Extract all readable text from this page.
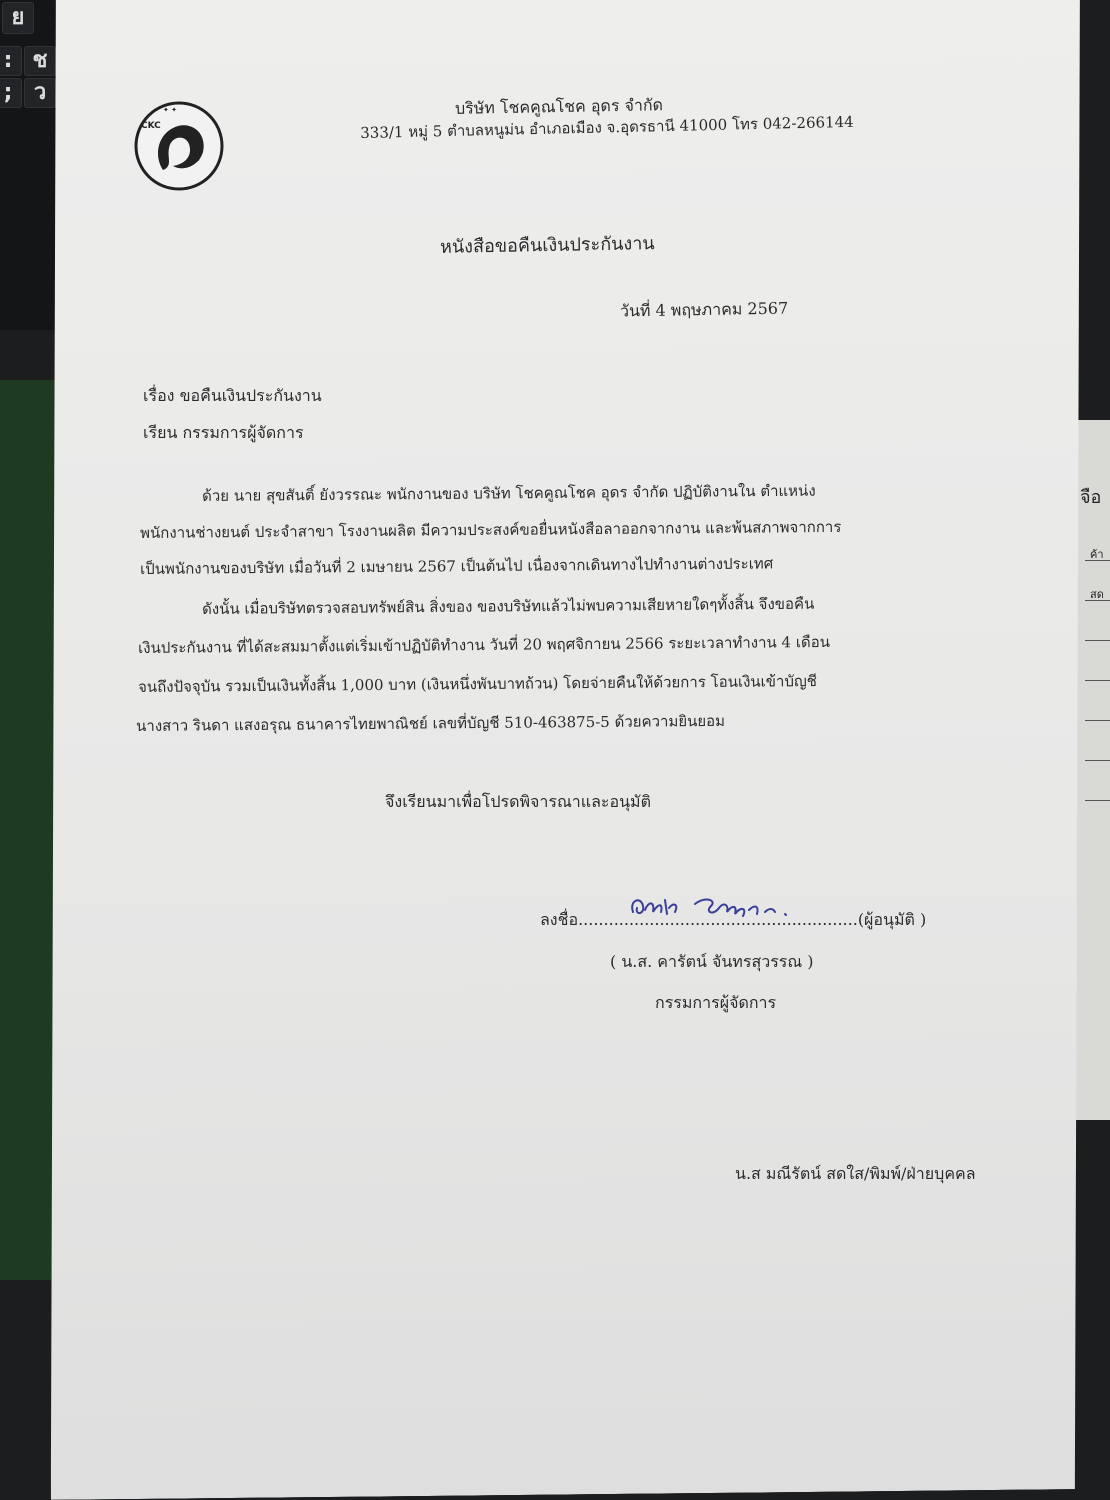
ย
: ช
; ว
จือ
ค้า
สด
CKC
✦ ✦	บริษัท โชคคูณโชค อุดร จำกัด
333/1 หมู่ 5 ตำบลหนูม่น อำเภอเมือง จ.อุดรธานี 41000 โทร 042-266144
หนังสือขอคืนเงินประกันงาน
วันที่ 4 พฤษภาคม 2567
เรื่อง ขอคืนเงินประกันงาน
เรียน กรรมการผู้จัดการ
ด้วย นาย สุขสันติ์ ยังวรรณะ พนักงานของ บริษัท โชคคูณโชค อุดร จำกัด ปฏิบัติงานใน ตำแหน่ง
พนักงานช่างยนต์ ประจำสาขา โรงงานผลิต มีความประสงค์ขอยื่นหนังสือลาออกจากงาน และพ้นสภาพจากการ
เป็นพนักงานของบริษัท เมื่อวันที่ 2 เมษายน 2567 เป็นต้นไป เนื่องจากเดินทางไปทำงานต่างประเทศ
ดังนั้น เมื่อบริษัทตรวจสอบทรัพย์สิน สิ่งของ ของบริษัทแล้วไม่พบความเสียหายใดๆทั้งสิ้น จึงขอคืน
เงินประกันงาน ที่ได้สะสมมาตั้งแต่เริ่มเข้าปฏิบัติทำงาน วันที่ 20 พฤศจิกายน 2566 ระยะเวลาทำงาน 4 เดือน
จนถึงปัจจุบัน รวมเป็นเงินทั้งสิ้น 1,000 บาท (เงินหนึ่งพันบาทถ้วน) โดยจ่ายคืนให้ด้วยการ โอนเงินเข้าบัญชี
นางสาว รินดา แสงอรุณ ธนาคารไทยพาณิชย์ เลขที่บัญชี 510-463875-5 ด้วยความยินยอม
จึงเรียนมาเพื่อโปรดพิจารณาและอนุมัติ
ลงชื่อ.......................................................(ผู้อนุมัติ )
( น.ส. คารัตน์ จันทรสุวรรณ )
กรรมการผู้จัดการ
น.ส มณีรัตน์ สดใส/พิมพ์/ฝ่ายบุคคล
